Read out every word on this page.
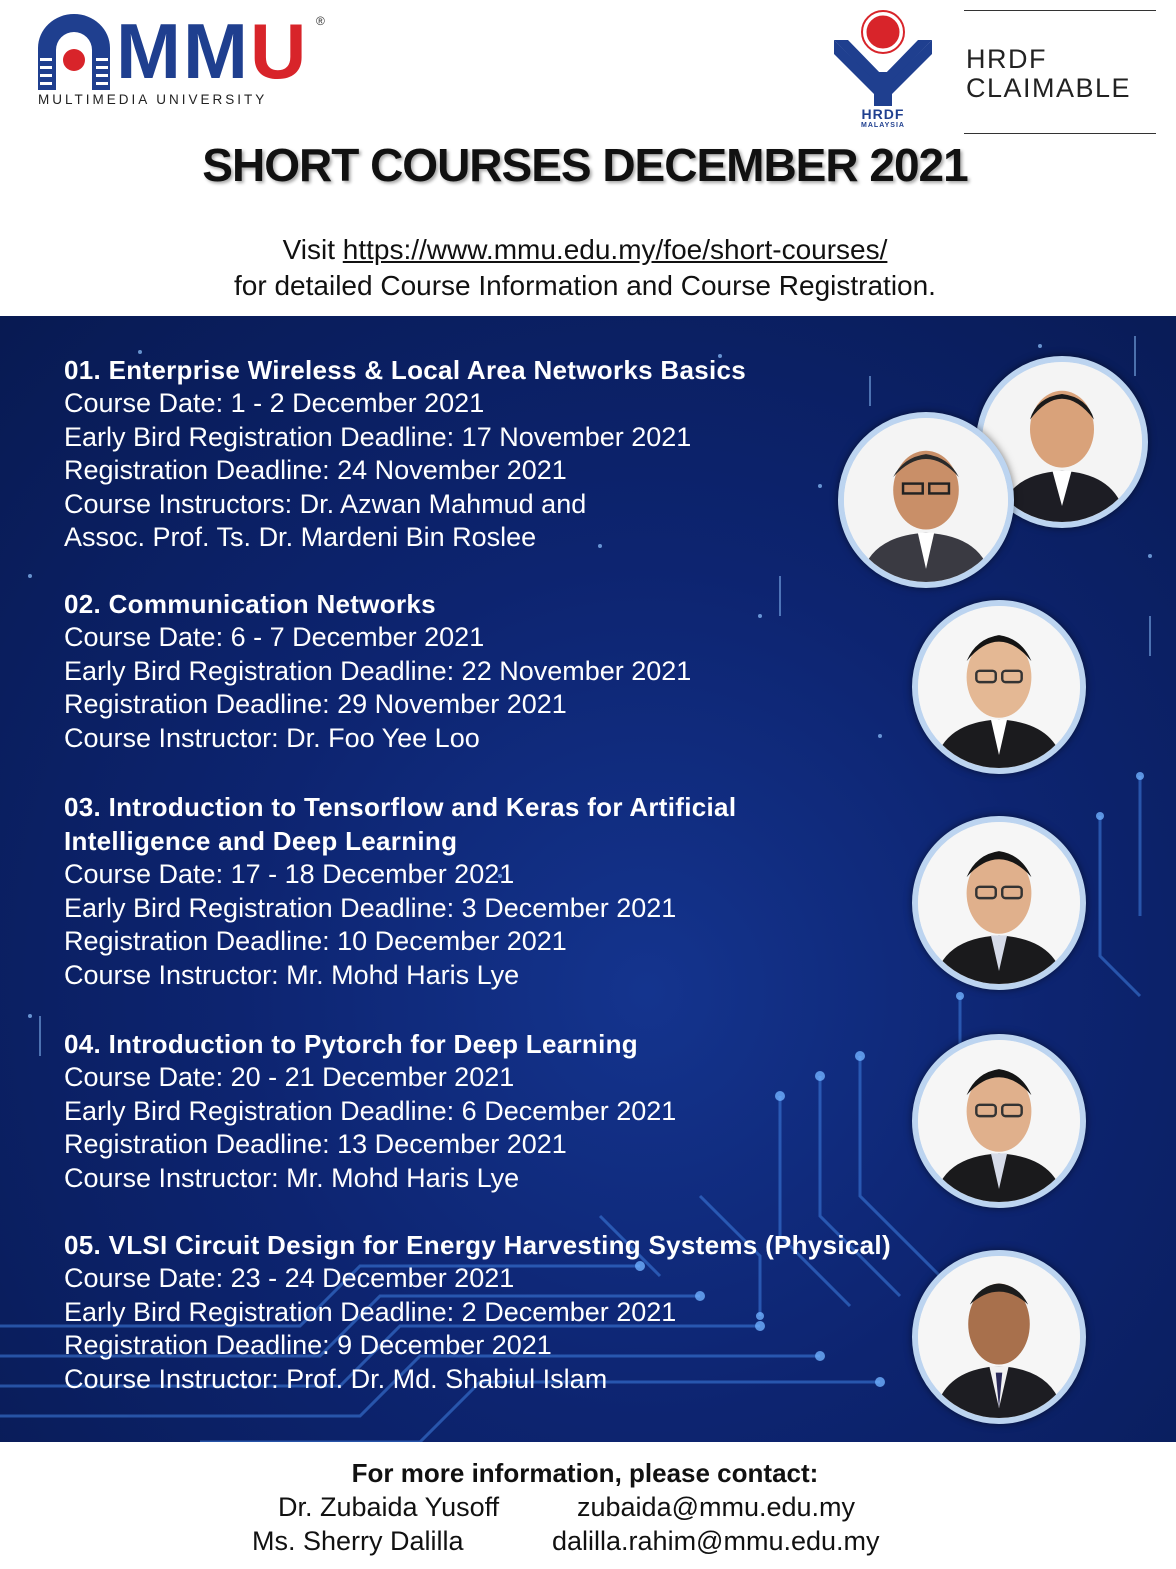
MMU ®
MULTIMEDIA UNIVERSITY
HRDF
MALAYSIA
HRDF
CLAIMABLE
SHORT COURSES DECEMBER 2021
Visit https://www.mmu.edu.my/foe/short-courses/
for detailed Course Information and Course Registration.
01. Enterprise Wireless & Local Area Networks Basics
Course Date: 1 - 2 December 2021
Early Bird Registration Deadline: 17 November 2021
Registration Deadline: 24 November 2021
Course Instructors: Dr. Azwan Mahmud and
Assoc. Prof. Ts. Dr. Mardeni Bin Roslee
02. Communication Networks
Course Date: 6 - 7 December 2021
Early Bird Registration Deadline: 22 November 2021
Registration Deadline: 29 November 2021
Course Instructor: Dr. Foo Yee Loo
03. Introduction to Tensorflow and Keras for Artificial
Intelligence and Deep Learning
Course Date: 17 - 18 December 2021
Early Bird Registration Deadline: 3 December 2021
Registration Deadline: 10 December 2021
Course Instructor: Mr. Mohd Haris Lye
04. Introduction to Pytorch for Deep Learning
Course Date: 20 - 21 December 2021
Early Bird Registration Deadline: 6 December 2021
Registration Deadline: 13 December 2021
Course Instructor: Mr. Mohd Haris Lye
05. VLSI Circuit Design for Energy Harvesting Systems (Physical)
Course Date: 23 - 24 December 2021
Early Bird Registration Deadline: 2 December 2021
Registration Deadline: 9 December 2021
Course Instructor: Prof. Dr. Md. Shabiul Islam
For more information, please contact:
Dr. Zubaida Yusoff	zubaida@mmu.edu.my
Ms. Sherry Dalilla	dalilla.rahim@mmu.edu.my
